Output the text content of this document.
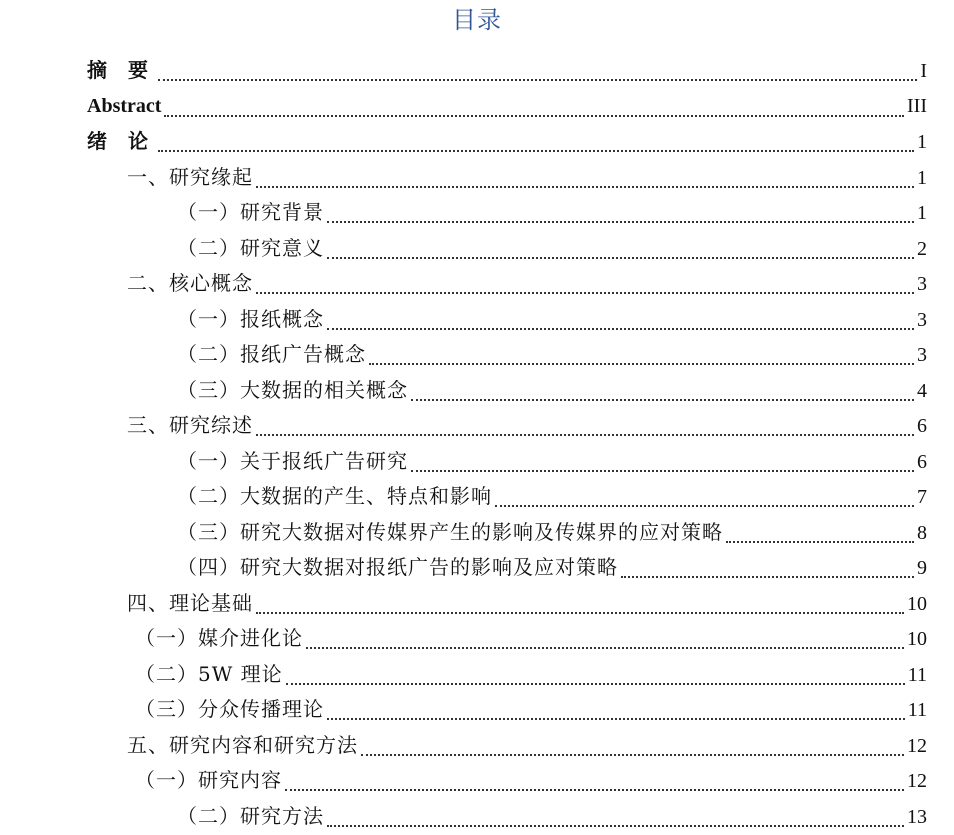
目录
摘 要	I
Abstract	III
绪 论	1
一、研究缘起	1
（一）研究背景	1
（二）研究意义	2
二、核心概念	3
（一）报纸概念	3
（二）报纸广告概念	3
（三）大数据的相关概念	4
三、研究综述	6
（一）关于报纸广告研究	6
（二）大数据的产生、特点和影响	7
（三）研究大数据对传媒界产生的影响及传媒界的应对策略	8
（四）研究大数据对报纸广告的影响及应对策略	9
四、理论基础	10
（一）媒介进化论	10
（二）5W 理论	11
（三）分众传播理论	11
五、研究内容和研究方法	12
（一）研究内容	12
（二）研究方法	13
